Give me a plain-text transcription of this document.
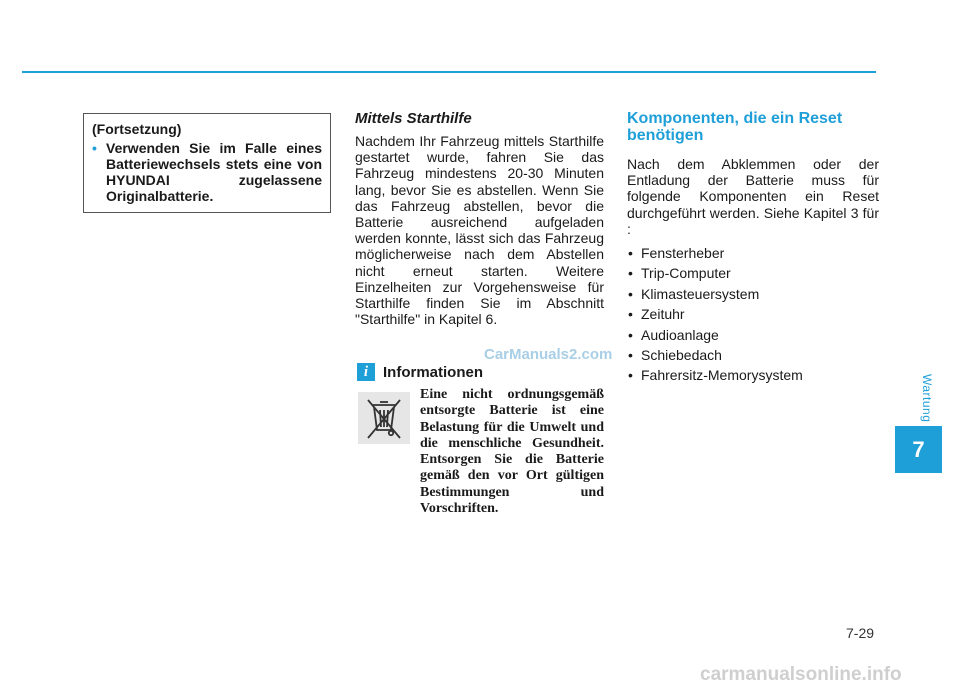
(Fortsetzung)
• Verwenden Sie im Falle eines Batteriewechsels stets eine von HYUNDAI zugelassene Originalbatterie.
Mittels Starthilfe

Nachdem Ihr Fahrzeug mittels Starthilfe gestartet wurde, fahren Sie das Fahrzeug mindestens 20-30 Minuten lang, bevor Sie es abstellen. Wenn Sie das Fahrzeug abstellen, bevor die Batterie ausreichend aufgeladen werden konnte, lässt sich das Fahrzeug möglicherweise nach dem Abstellen nicht erneut starten. Weitere Einzelheiten zur Vorgehensweise für Starthilfe finden Sie im Abschnitt "Starthilfe" in Kapitel 6.

CarManuals2.com
i Informationen
Eine nicht ordnungsgemäß entsorgte Batterie ist eine Belastung für die Umwelt und die menschliche Gesundheit. Entsorgen Sie die Batterie gemäß den vor Ort gültigen Bestimmungen und Vorschriften.
Komponenten, die ein Reset benötigen

Nach dem Abklemmen oder der Entladung der Batterie muss für folgende Komponenten ein Reset durchgeführt werden. Siehe Kapitel 3 für :

• Fensterheber
• Trip-Computer
• Klimasteuersystem
• Zeituhr
• Audioanlage
• Schiebedach
• Fahrersitz-Memorysystem	Wartung
7
7-29
carmanualsonline.info
